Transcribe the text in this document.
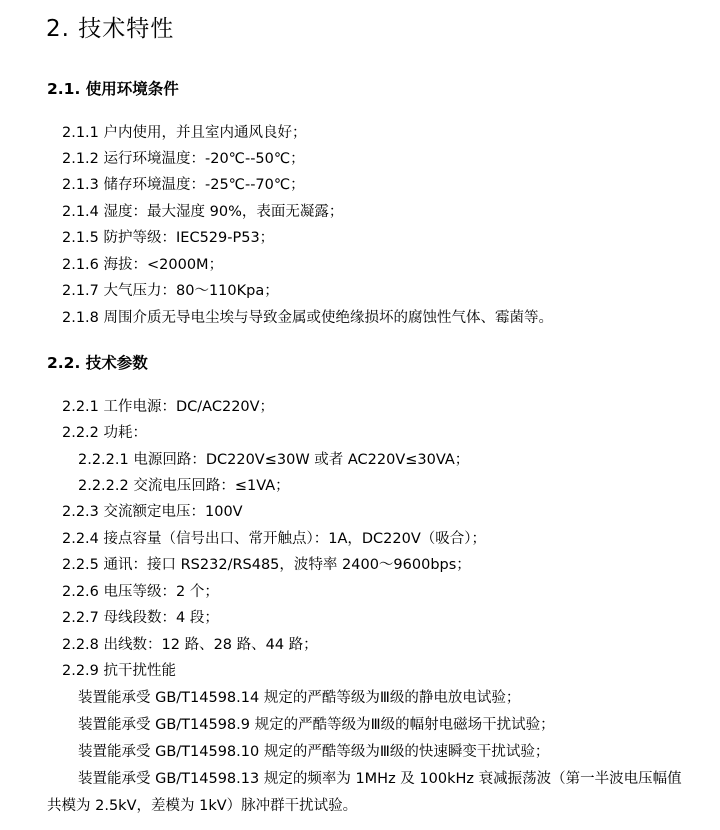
2. 技术特性
2.1. 使用环境条件
2.1.1 户内使用，并且室内通风良好；
2.1.2 运行环境温度：-20℃--50℃；
2.1.3 储存环境温度：-25℃--70℃；
2.1.4 湿度：最大湿度 90%，表面无凝露；
2.1.5 防护等级：IEC529-P53；
2.1.6 海拔：<2000M；
2.1.7 大气压力：80～110Kpa；
2.1.8 周围介质无导电尘埃与导致金属或使绝缘损坏的腐蚀性气体、霉菌等。
2.2. 技术参数
2.2.1 工作电源：DC/AC220V；
2.2.2 功耗：
2.2.2.1 电源回路：DC220V≤30W 或者 AC220V≤30VA；
2.2.2.2 交流电压回路：≤1VA；
2.2.3 交流额定电压：100V
2.2.4 接点容量（信号出口、常开触点）：1A，DC220V（吸合）；
2.2.5 通讯：接口 RS232/RS485，波特率 2400～9600bps；
2.2.6 电压等级：2 个；
2.2.7 母线段数：4 段；
2.2.8 出线数：12 路、28 路、44 路；
2.2.9 抗干扰性能
装置能承受 GB/T14598.14 规定的严酷等级为Ⅲ级的静电放电试验；
装置能承受 GB/T14598.9 规定的严酷等级为Ⅲ级的幅射电磁场干扰试验；
装置能承受 GB/T14598.10 规定的严酷等级为Ⅲ级的快速瞬变干扰试验；
装置能承受 GB/T14598.13 规定的频率为 1MHz 及 100kHz 衰减振荡波（第一半波电压幅值
共模为 2.5kV，差模为 1kV）脉冲群干扰试验。
